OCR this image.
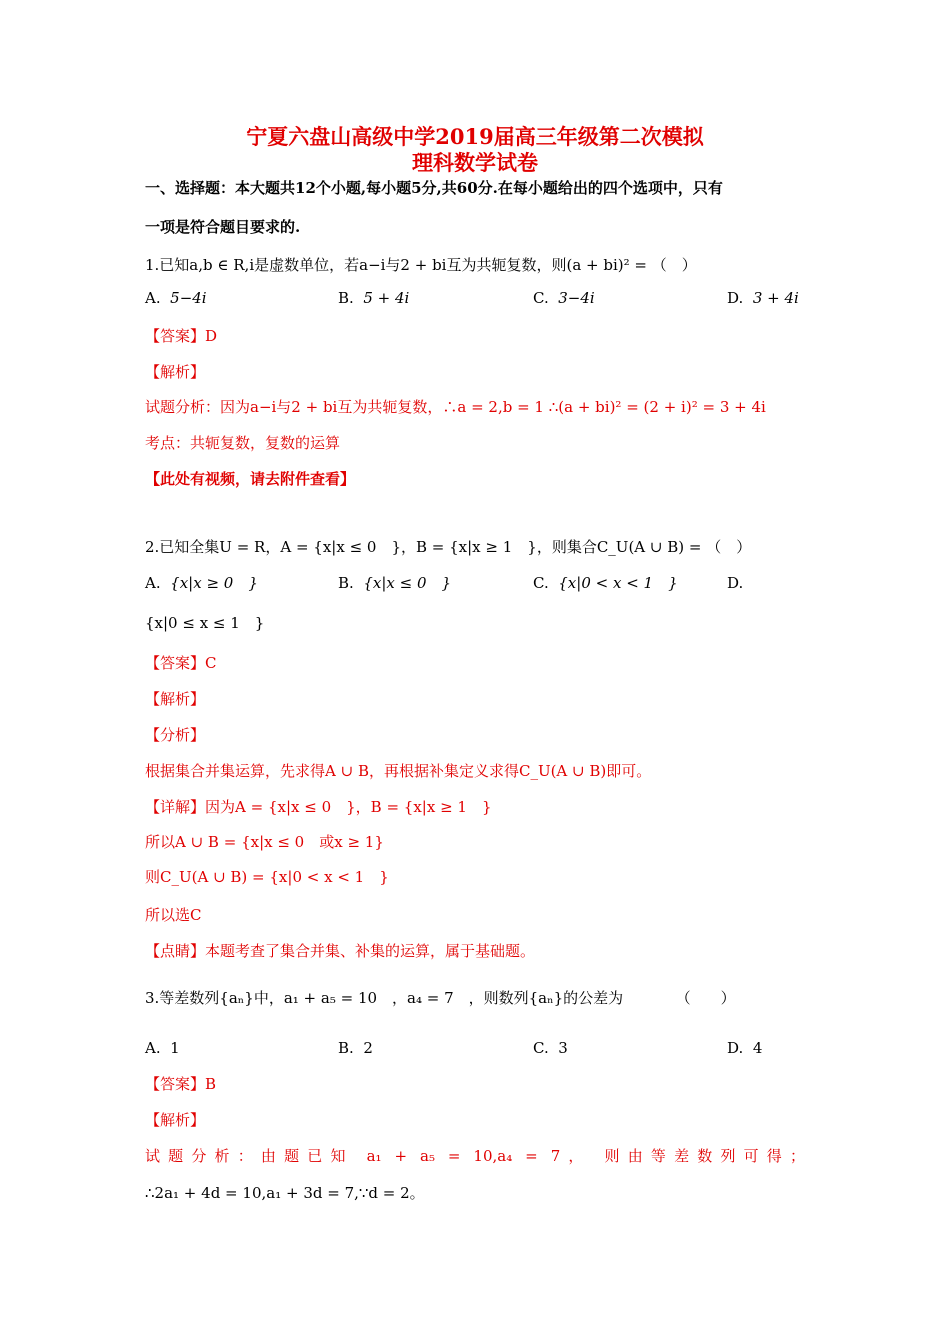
宁夏六盘山高级中学2019届高三年级第二次模拟
理科数学试卷
一、选择题：本大题共12个小题,每小题5分,共60分.在每小题给出的四个选项中，只有
一项是符合题目要求的.
1.已知a,b ∈ R,i是虚数单位，若a−i与2 + bi互为共轭复数，则(a + bi)² = （　）
A. 5−4i	B. 5 + 4i	C. 3−4i	D. 3 + 4i
【答案】D
【解析】
试题分析：因为a−i与2 + bi互为共轭复数，∴a = 2,b = 1 ∴(a + bi)² = (2 + i)² = 3 + 4i
考点：共轭复数，复数的运算
【此处有视频，请去附件查看】
2.已知全集U = R，A = {x|x ≤ 0　}，B = {x|x ≥ 1　}，则集合C_U(A ∪ B) = （　）
A. {x|x ≥ 0　}	B. {x|x ≤ 0　}	C. {x|0 < x < 1　}	D.
{x|0 ≤ x ≤ 1　}
【答案】C
【解析】
【分析】
根据集合并集运算，先求得A ∪ B，再根据补集定义求得C_U(A ∪ B)即可。
【详解】因为A = {x|x ≤ 0　}，B = {x|x ≥ 1　}
所以A ∪ B = {x|x ≤ 0　或x ≥ 1}
则C_U(A ∪ B) = {x|0 < x < 1　}
所以选C
【点睛】本题考查了集合并集、补集的运算，属于基础题。
3.等差数列{aₙ}中，a₁ + a₅ = 10　，a₄ = 7　，则数列{aₙ}的公差为　　　　（　　）
A. 1	B. 2	C. 3	D. 4
【答案】B
【解析】
试题分析：由题已知 a₁ + a₅ = 10,a₄ = 7， 则由等差数列可得；
∴2a₁ + 4d = 10,a₁ + 3d = 7,∵d = 2。
